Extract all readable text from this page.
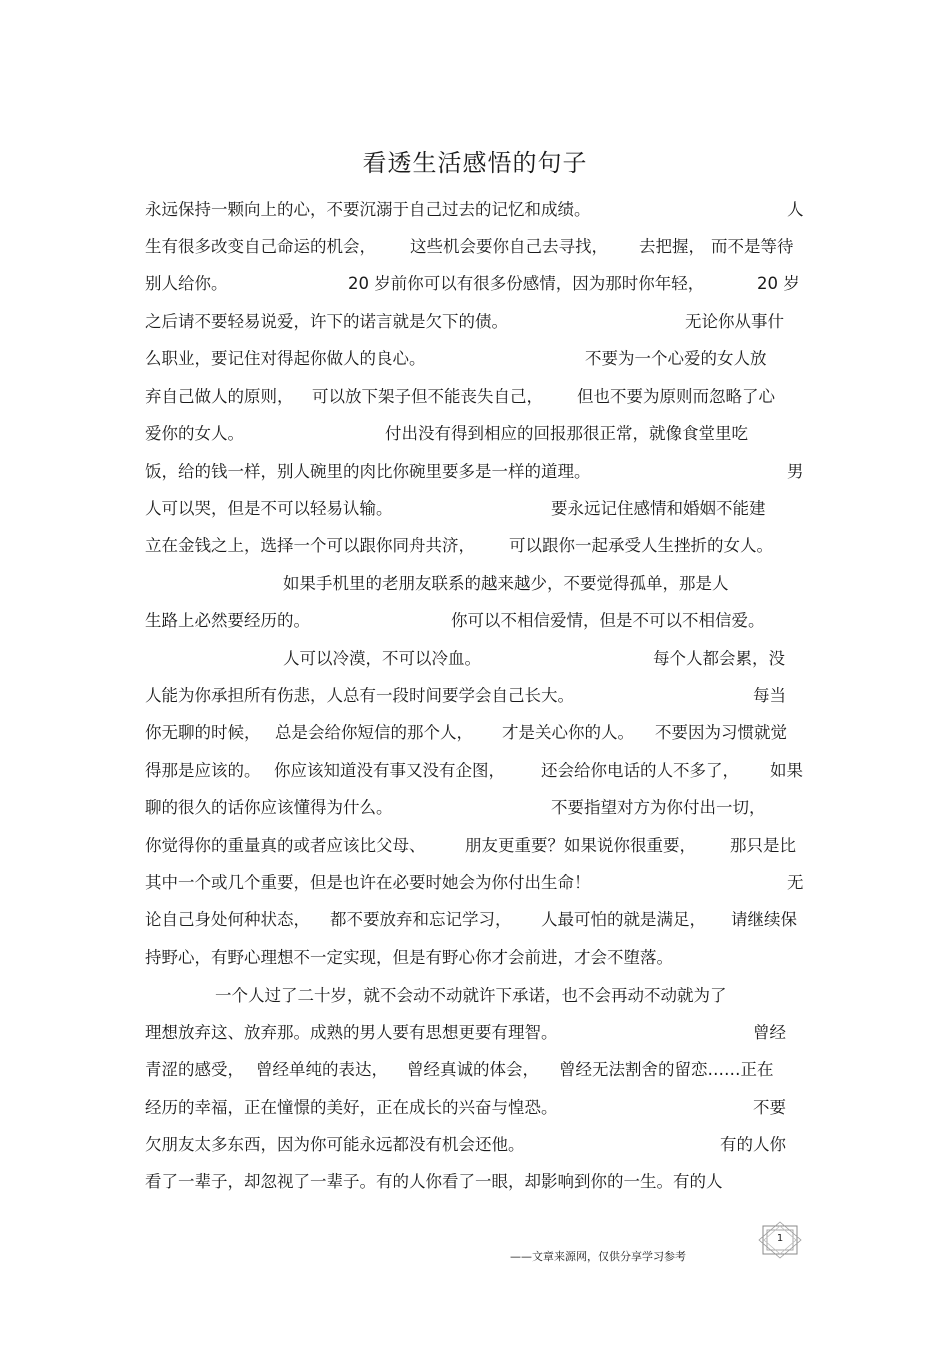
看透生活感悟的句子
永远保持一颗向上的心，不要沉溺于自己过去的记忆和成绩。	人
生有很多改变自己命运的机会， 这些机会要你自己去寻找， 去把握， 而不是等待
别人给你。	20 岁前你可以有很多份感情，因为那时你年轻，	20 岁
之后请不要轻易说爱，许下的诺言就是欠下的债。	无论你从事什
么职业，要记住对得起你做人的良心。	不要为一个心爱的女人放
弃自己做人的原则， 可以放下架子但不能丧失自己， 但也不要为原则而忽略了心
爱你的女人。	付出没有得到相应的回报那很正常，就像食堂里吃
饭，给的钱一样，别人碗里的肉比你碗里要多是一样的道理。	男
人可以哭，但是不可以轻易认输。	要永远记住感情和婚姻不能建
立在金钱之上，选择一个可以跟你同舟共济， 可以跟你一起承受人生挫折的女人。
如果手机里的老朋友联系的越来越少，不要觉得孤单，那是人
生路上必然要经历的。	你可以不相信爱情，但是不可以不相信爱。
人可以冷漠，不可以冷血。	每个人都会累，没
人能为你承担所有伤悲，人总有一段时间要学会自己长大。	每当
你无聊的时候， 总是会给你短信的那个人， 才是关心你的人。 不要因为习惯就觉
得那是应该的。 你应该知道没有事又没有企图， 还会给你电话的人不多了， 如果
聊的很久的话你应该懂得为什么。	不要指望对方为你付出一切，
你觉得你的重量真的或者应该比父母、 朋友更重要？如果说你很重要， 那只是比
其中一个或几个重要，但是也许在必要时她会为你付出生命！	无
论自己身处何种状态， 都不要放弃和忘记学习， 人最可怕的就是满足， 请继续保
持野心，有野心理想不一定实现，但是有野心你才会前进，才会不堕落。
一个人过了二十岁，就不会动不动就许下承诺，也不会再动不动就为了
理想放弃这、放弃那。成熟的男人要有思想更要有理智。	曾经
青涩的感受， 曾经单纯的表达， 曾经真诚的体会， 曾经无法割舍的留恋……正在
经历的幸福，正在憧憬的美好，正在成长的兴奋与惶恐。	不要
欠朋友太多东西，因为你可能永远都没有机会还他。	有的人你
看了一辈子，却忽视了一辈子。有的人你看了一眼，却影响到你的一生。有的人
1
——文章来源网，仅供分享学习参考
